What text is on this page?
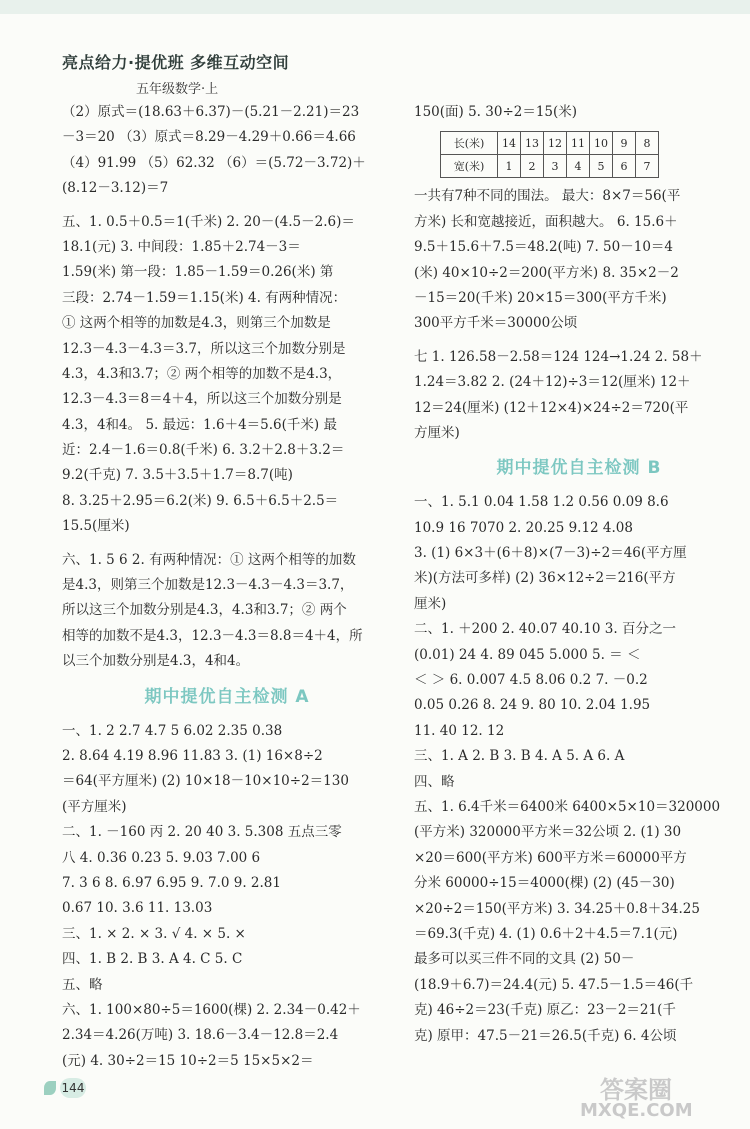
亮点给力·提优班 多维互动空间
五年级数学·上
（2）原式＝(18.63＋6.37)－(5.21－2.21)＝23
－3＝20 （3）原式＝8.29－4.29＋0.66＝4.66
（4）91.99 （5）62.32 （6）＝(5.72－3.72)＋
(8.12－3.12)＝7
五、1. 0.5＋0.5＝1(千米) 2. 20－(4.5－2.6)＝
18.1(元) 3. 中间段：1.85＋2.74－3＝
1.59(米) 第一段：1.85－1.59＝0.26(米) 第
三段：2.74－1.59＝1.15(米) 4. 有两种情况：
① 这两个相等的加数是4.3，则第三个加数是
12.3－4.3－4.3＝3.7，所以这三个加数分别是
4.3，4.3和3.7；② 两个相等的加数不是4.3，
12.3－4.3＝8＝4＋4，所以这三个加数分别是
4.3，4和4。 5. 最远：1.6＋4＝5.6(千米) 最
近：2.4－1.6＝0.8(千米) 6. 3.2＋2.8＋3.2＝
9.2(千克) 7. 3.5＋3.5＋1.7＝8.7(吨)
8. 3.25＋2.95＝6.2(米) 9. 6.5＋6.5＋2.5＝
15.5(厘米)
六、1. 5 6 2. 有两种情况：① 这两个相等的加数
是4.3，则第三个加数是12.3－4.3－4.3＝3.7，
所以这三个加数分别是4.3，4.3和3.7；② 两个
相等的加数不是4.3，12.3－4.3＝8.8＝4＋4，所
以三个加数分别是4.3，4和4。
期中提优自主检测 A
一、1. 2 2.7 4.7 5 6.02 2.35 0.38
2. 8.64 4.19 8.96 11.83 3. (1) 16×8÷2
＝64(平方厘米) (2) 10×18－10×10÷2＝130
(平方厘米)
二、1. －160 丙 2. 20 40 3. 5.308 五点三零
八 4. 0.36 0.23 5. 9.03 7.00 6
7. 3 6 8. 6.97 6.95 9. 7.0 9. 2.81
0.67 10. 3.6 11. 13.03
三、1. × 2. × 3. √ 4. × 5. ×
四、1. B 2. B 3. A 4. C 5. C
五、略
六、1. 100×80÷5＝1600(棵) 2. 2.34－0.42＋
2.34＝4.26(万吨) 3. 18.6－3.4－12.8＝2.4
(元) 4. 30÷2＝15 10÷2＝5 15×5×2＝
150(面) 5. 30÷2＝15(米)
长(米)	14	13	12	11	10	9	8
宽(米)	1	2	3	4	5	6	7
一共有7种不同的围法。 最大：8×7＝56(平
方米) 长和宽越接近，面积越大。 6. 15.6＋
9.5＋15.6＋7.5＝48.2(吨) 7. 50－10＝4
(米) 40×10÷2＝200(平方米) 8. 35×2－2
－15＝20(千米) 20×15＝300(平方千米)
300平方千米＝30000公顷
七 1. 126.58－2.58＝124 124→1.24 2. 58＋
1.24＝3.82 2. (24＋12)÷3＝12(厘米) 12＋
12＝24(厘米) (12＋12×4)×24÷2＝720(平
方厘米)
期中提优自主检测 B
一、1. 5.1 0.04 1.58 1.2 0.56 0.09 8.6
10.9 16 7070 2. 20.25 9.12 4.08
3. (1) 6×3＋(6＋8)×(7－3)÷2＝46(平方厘
米)(方法可多样) (2) 36×12÷2＝216(平方
厘米)
二、1. ＋200 2. 40.07 40.10 3. 百分之一
(0.01) 24 4. 89 045 5.000 5. ＝ ＜
＜ ＞ 6. 0.007 4.5 8.06 0.2 7. －0.2
0.05 0.26 8. 24 9. 80 10. 2.04 1.95
11. 40 12. 12
三、1. A 2. B 3. B 4. A 5. A 6. A
四、略
五、1. 6.4千米＝6400米 6400×5×10＝320000
(平方米) 320000平方米＝32公顷 2. (1) 30
×20＝600(平方米) 600平方米＝60000平方
分米 60000÷15＝4000(棵) (2) (45－30)
×20÷2＝150(平方米) 3. 34.25＋0.8＋34.25
＝69.3(千克) 4. (1) 0.6＋2＋4.5＝7.1(元)
最多可以买三件不同的文具 (2) 50－
(18.9＋6.7)＝24.4(元) 5. 47.5－1.5＝46(千
克) 46÷2＝23(千克) 原乙：23－2＝21(千
克) 原甲：47.5－21＝26.5(千克) 6. 4公顷
144	答案圈
MXQE.COM
